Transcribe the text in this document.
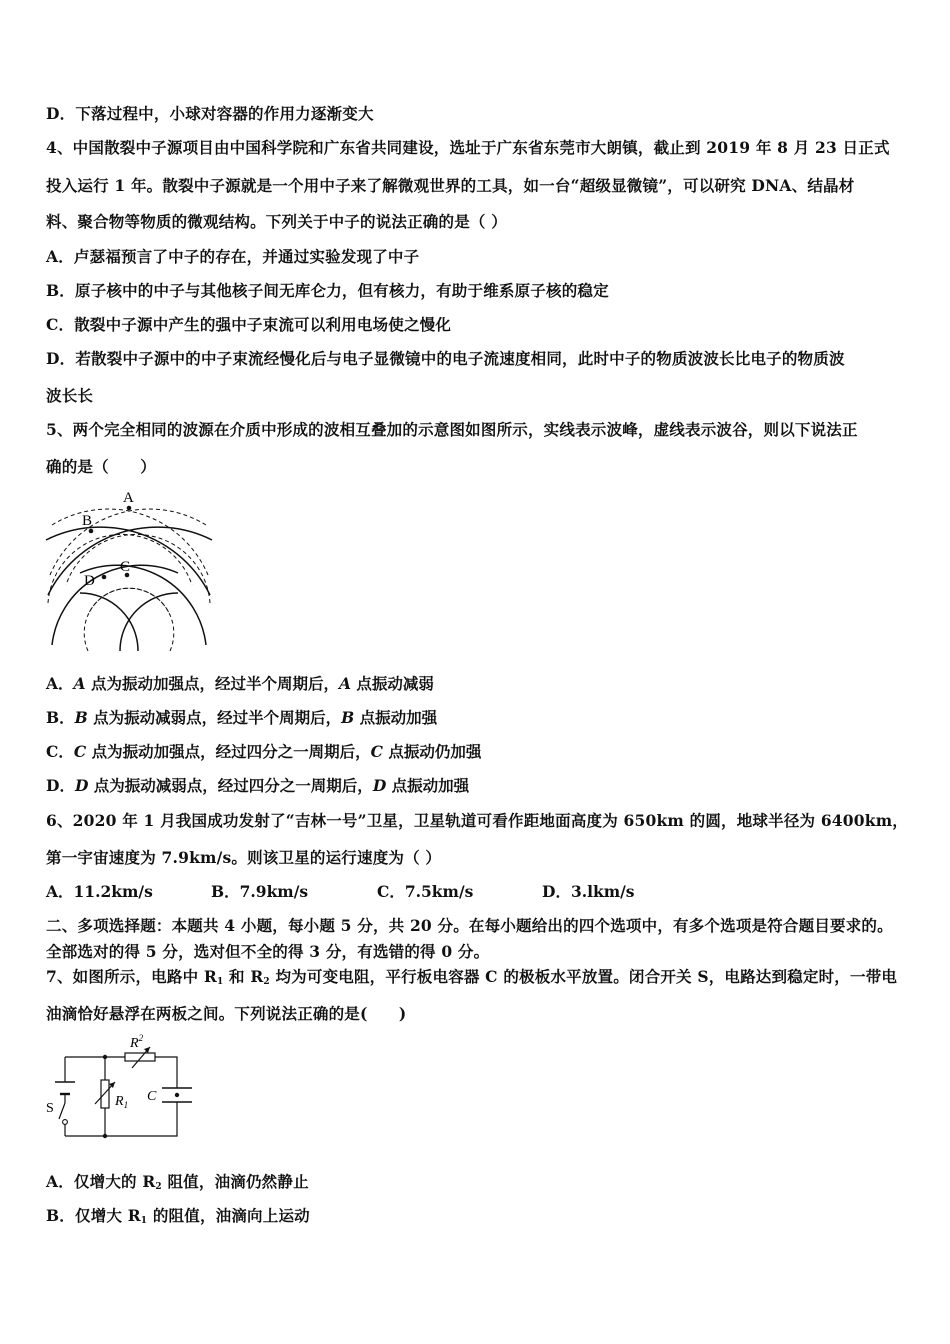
D．下落过程中，小球对容器的作用力逐渐变大
4、中国散裂中子源项目由中国科学院和广东省共同建设，选址于广东省东莞市大朗镇，截止到 2019 年 8 月 23 日正式
投入运行 1 年。散裂中子源就是一个用中子来了解微观世界的工具，如一台“超级显微镜”，可以研究 DNA、结晶材
料、聚合物等物质的微观结构。下列关于中子的说法正确的是（ ）
A．卢瑟福预言了中子的存在，并通过实验发现了中子
B．原子核中的中子与其他核子间无库仑力，但有核力，有助于维系原子核的稳定
C．散裂中子源中产生的强中子束流可以利用电场使之慢化
D．若散裂中子源中的中子束流经慢化后与电子显微镜中的电子流速度相同，此时中子的物质波波长比电子的物质波
波长长
5、两个完全相同的波源在介质中形成的波相互叠加的示意图如图所示，实线表示波峰，虚线表示波谷，则以下说法正
确的是（　　）
A
B
C
D
A．A 点为振动加强点，经过半个周期后，A 点振动减弱
B．B 点为振动减弱点，经过半个周期后，B 点振动加强
C．C 点为振动加强点，经过四分之一周期后，C 点振动仍加强
D．D 点为振动减弱点，经过四分之一周期后，D 点振动加强
6、2020 年 1 月我国成功发射了“吉林一号”卫星，卫星轨道可看作距地面高度为 650km 的圆，地球半径为 6400km，
第一宇宙速度为 7.9km/s。则该卫星的运行速度为（ ）
A．11.2km/s	B．7.9km/s	C．7.5km/s	D．3.lkm/s
二、多项选择题：本题共 4 小题，每小题 5 分，共 20 分。在每小题给出的四个选项中，有多个选项是符合题目要求的。
全部选对的得 5 分，选对但不全的得 3 分，有选错的得 0 分。
7、如图所示，电路中 $R_1$ 和 $R_2$ 均为可变电阻，平行板电容器 C 的极板水平放置。闭合开关 S，电路达到稳定时，一带电
油滴恰好悬浮在两板之间。下列说法正确的是(　　)
$R^2$
$R_1$
C
S
A．仅增大的 $R_2$ 阻值，油滴仍然静止
B．仅增大 $R_1$ 的阻值，油滴向上运动
